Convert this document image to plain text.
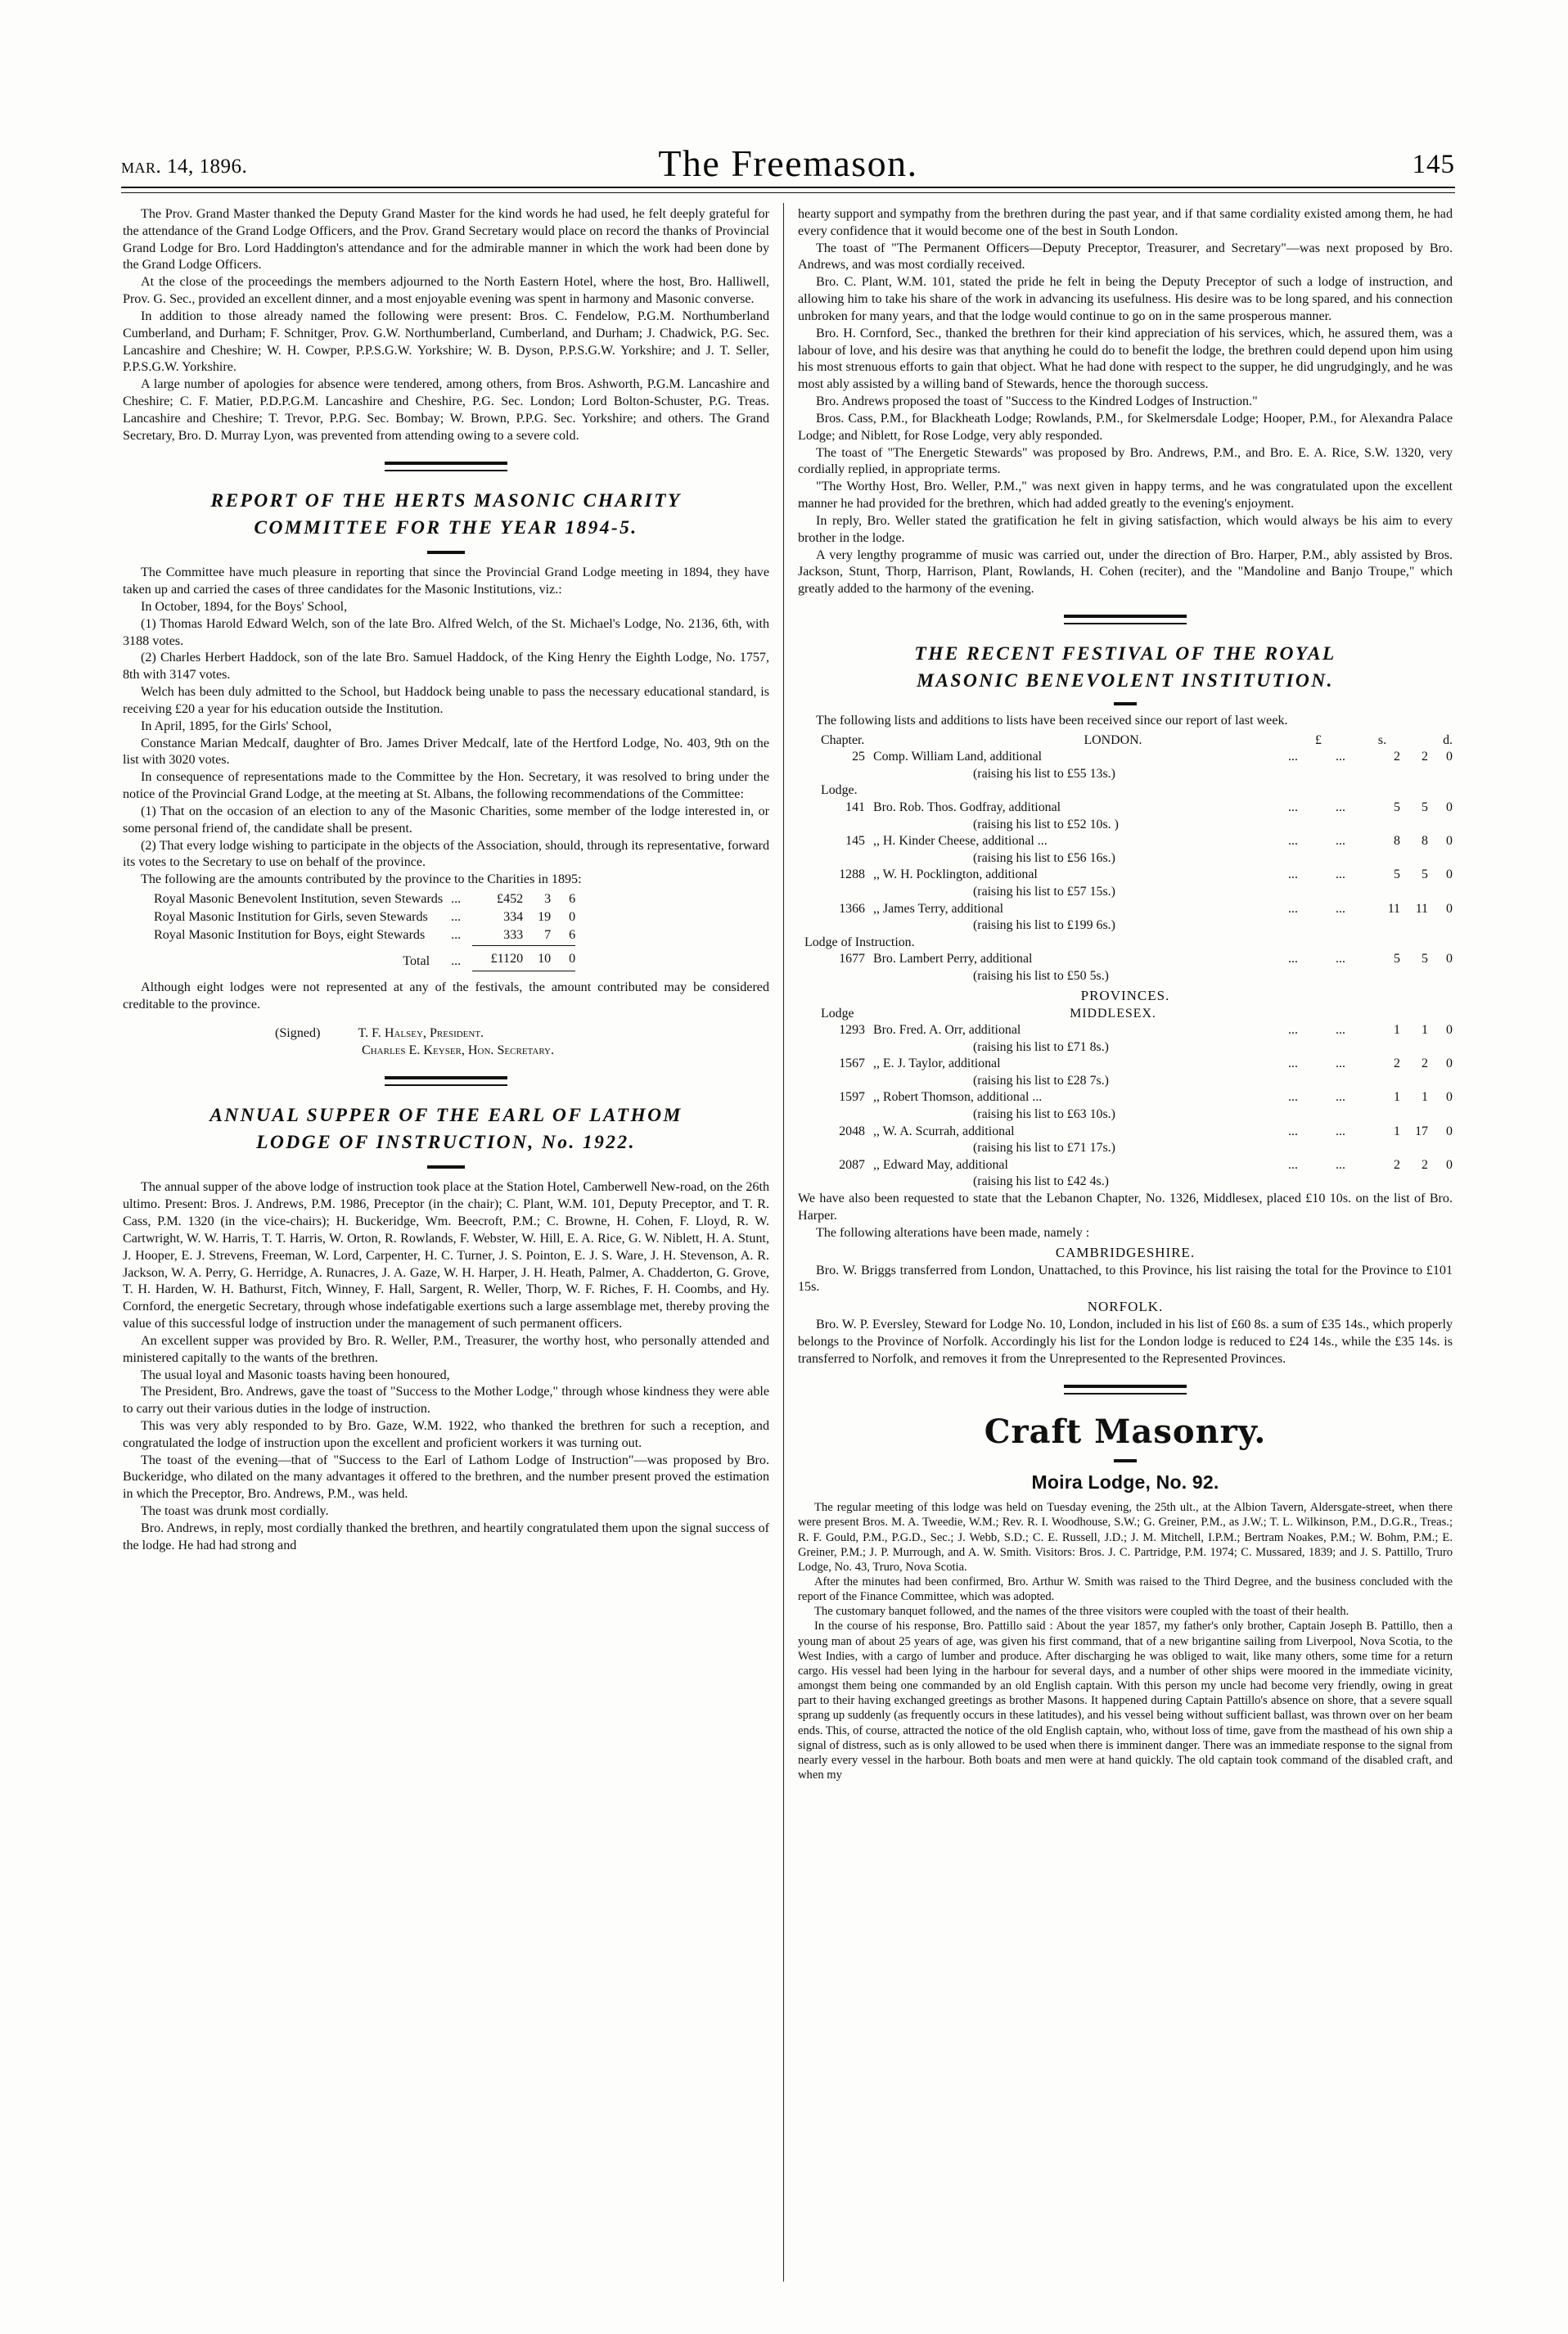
mar. 14, 1896.	The Freemason.	145

The Prov. Grand Master thanked the Deputy Grand Master for the kind words he had used, he felt deeply grateful for the attendance of the Grand Lodge Officers, and the Prov. Grand Secretary would place on record the thanks of Provincial Grand Lodge for Bro. Lord Haddington's attendance and for the admirable manner in which the work had been done by the Grand Lodge Officers.

At the close of the proceedings the members adjourned to the North Eastern Hotel, where the host, Bro. Halliwell, Prov. G. Sec., provided an excellent dinner, and a most enjoyable evening was spent in harmony and Masonic converse.

In addition to those already named the following were present: Bros. C. Fendelow, P.G.M. Northumberland Cumberland, and Durham; F. Schnitger, Prov. G.W. Northumberland, Cumberland, and Durham; J. Chadwick, P.G. Sec. Lancashire and Cheshire; W. H. Cowper, P.P.S.G.W. Yorkshire; W. B. Dyson, P.P.S.G.W. Yorkshire; and J. T. Seller, P.P.S.G.W. Yorkshire.

A large number of apologies for absence were tendered, among others, from Bros. Ashworth, P.G.M. Lancashire and Cheshire; C. F. Matier, P.D.P.G.M. Lancashire and Cheshire, P.G. Sec. London; Lord Bolton-Schuster, P.G. Treas. Lancashire and Cheshire; T. Trevor, P.P.G. Sec. Bombay; W. Brown, P.P.G. Sec. Yorkshire; and others. The Grand Secretary, Bro. D. Murray Lyon, was prevented from attending owing to a severe cold.

REPORT OF THE HERTS MASONIC CHARITY
COMMITTEE FOR THE YEAR 1894-5.

The Committee have much pleasure in reporting that since the Provincial Grand Lodge meeting in 1894, they have taken up and carried the cases of three candidates for the Masonic Institutions, viz.:

In October, 1894, for the Boys' School,

(1) Thomas Harold Edward Welch, son of the late Bro. Alfred Welch, of the St. Michael's Lodge, No. 2136, 6th, with 3188 votes.

(2) Charles Herbert Haddock, son of the late Bro. Samuel Haddock, of the King Henry the Eighth Lodge, No. 1757, 8th with 3147 votes.

Welch has been duly admitted to the School, but Haddock being unable to pass the necessary educational standard, is receiving £20 a year for his education outside the Institution.

In April, 1895, for the Girls' School,

Constance Marian Medcalf, daughter of Bro. James Driver Medcalf, late of the Hertford Lodge, No. 403, 9th on the list with 3020 votes.

In consequence of representations made to the Committee by the Hon. Secretary, it was resolved to bring under the notice of the Provincial Grand Lodge, at the meeting at St. Albans, the following recommendations of the Committee:

(1) That on the occasion of an election to any of the Masonic Charities, some member of the lodge interested in, or some personal friend of, the candidate shall be present.

(2) That every lodge wishing to participate in the objects of the Association, should, through its representative, forward its votes to the Secretary to use on behalf of the province.

The following are the amounts contributed by the province to the Charities in 1895:

Royal Masonic Benevolent Institution, seven Stewards	...	£452	3	6
Royal Masonic Institution for Girls, seven Stewards	...	334	19	0
Royal Masonic Institution for Boys, eight Stewards	...	333	7	6
Total	...	£1120	10	0

Although eight lodges were not represented at any of the festivals, the amount contributed may be considered creditable to the province.

(Signed)	T. F. Halsey, President.
Charles E. Keyser, Hon. Secretary.
ANNUAL SUPPER OF THE EARL OF LATHOM
LODGE OF INSTRUCTION, No. 1922.

The annual supper of the above lodge of instruction took place at the Station Hotel, Camberwell New-road, on the 26th ultimo. Present: Bros. J. Andrews, P.M. 1986, Preceptor (in the chair); C. Plant, W.M. 101, Deputy Preceptor, and T. R. Cass, P.M. 1320 (in the vice-chairs); H. Buckeridge, Wm. Beecroft, P.M.; C. Browne, H. Cohen, F. Lloyd, R. W. Cartwright, W. W. Harris, T. T. Harris, W. Orton, R. Rowlands, F. Webster, W. Hill, E. A. Rice, G. W. Niblett, H. A. Stunt, J. Hooper, E. J. Strevens, Freeman, W. Lord, Carpenter, H. C. Turner, J. S. Pointon, E. J. S. Ware, J. H. Stevenson, A. R. Jackson, W. A. Perry, G. Herridge, A. Runacres, J. A. Gaze, W. H. Harper, J. H. Heath, Palmer, A. Chadderton, G. Grove, T. H. Harden, W. H. Bathurst, Fitch, Winney, F. Hall, Sargent, R. Weller, Thorp, W. F. Riches, F. H. Coombs, and Hy. Cornford, the energetic Secretary, through whose indefatigable exertions such a large assemblage met, thereby proving the value of this successful lodge of instruction under the management of such permanent officers.

An excellent supper was provided by Bro. R. Weller, P.M., Treasurer, the worthy host, who personally attended and ministered capitally to the wants of the brethren.

The usual loyal and Masonic toasts having been honoured,

The President, Bro. Andrews, gave the toast of "Success to the Mother Lodge," through whose kindness they were able to carry out their various duties in the lodge of instruction.

This was very ably responded to by Bro. Gaze, W.M. 1922, who thanked the brethren for such a reception, and congratulated the lodge of instruction upon the excellent and proficient workers it was turning out.

The toast of the evening—that of "Success to the Earl of Lathom Lodge of Instruction"—was proposed by Bro. Buckeridge, who dilated on the many advantages it offered to the brethren, and the number present proved the estimation in which the Preceptor, Bro. Andrews, P.M., was held.

The toast was drunk most cordially.

Bro. Andrews, in reply, most cordially thanked the brethren, and heartily congratulated them upon the signal success of the lodge. He had had strong and

hearty support and sympathy from the brethren during the past year, and if that same cordiality existed among them, he had every confidence that it would become one of the best in South London.

The toast of "The Permanent Officers—Deputy Preceptor, Treasurer, and Secretary"—was next proposed by Bro. Andrews, and was most cordially received.

Bro. C. Plant, W.M. 101, stated the pride he felt in being the Deputy Preceptor of such a lodge of instruction, and allowing him to take his share of the work in advancing its usefulness. His desire was to be long spared, and his connection unbroken for many years, and that the lodge would continue to go on in the same prosperous manner.

Bro. H. Cornford, Sec., thanked the brethren for their kind appreciation of his services, which, he assured them, was a labour of love, and his desire was that anything he could do to benefit the lodge, the brethren could depend upon him using his most strenuous efforts to gain that object. What he had done with respect to the supper, he did ungrudgingly, and he was most ably assisted by a willing band of Stewards, hence the thorough success.

Bro. Andrews proposed the toast of "Success to the Kindred Lodges of Instruction."

Bros. Cass, P.M., for Blackheath Lodge; Rowlands, P.M., for Skelmersdale Lodge; Hooper, P.M., for Alexandra Palace Lodge; and Niblett, for Rose Lodge, very ably responded.

The toast of "The Energetic Stewards" was proposed by Bro. Andrews, P.M., and Bro. E. A. Rice, S.W. 1320, very cordially replied, in appropriate terms.

"The Worthy Host, Bro. Weller, P.M.," was next given in happy terms, and he was congratulated upon the excellent manner he had provided for the brethren, which had added greatly to the evening's enjoyment.

In reply, Bro. Weller stated the gratification he felt in giving satisfaction, which would always be his aim to every brother in the lodge.

A very lengthy programme of music was carried out, under the direction of Bro. Harper, P.M., ably assisted by Bros. Jackson, Stunt, Thorp, Harrison, Plant, Rowlands, H. Cohen (reciter), and the "Mandoline and Banjo Troupe," which greatly added to the harmony of the evening.

THE RECENT FESTIVAL OF THE ROYAL
MASONIC BENEVOLENT INSTITUTION.

The following lists and additions to lists have been received since our report of last week.

Chapter.	LONDON.	£	s.	d.
25 Comp. William Land, additional	...	...	2	2	0
(raising his list to £55 13s.)
Lodge.
141 Bro. Rob. Thos. Godfray, additional	...	...	5	5	0
(raising his list to £52 10s. )
145 ,, H. Kinder Cheese, additional ...	...	...	8	8	0
(raising his list to £56 16s.)
1288 ,, W. H. Pocklington, additional	...	...	5	5	0
(raising his list to £57 15s.)
1366 ,, James Terry, additional	...	...	11	11	0
(raising his list to £199 6s.)
Lodge of Instruction.
1677 Bro. Lambert Perry, additional	...	...	5	5	0
(raising his list to £50 5s.)
PROVINCES.
Lodge	MIDDLESEX.
1293 Bro. Fred. A. Orr, additional	...	...	1	1	0
(raising his list to £71 8s.)
1567 ,, E. J. Taylor, additional	...	...	2	2	0
(raising his list to £28 7s.)
1597 ,, Robert Thomson, additional ...	...	...	1	1	0
(raising his list to £63 10s.)
2048 ,, W. A. Scurrah, additional	...	...	1	17	0
(raising his list to £71 17s.)
2087 ,, Edward May, additional	...	...	2	2	0
(raising his list to £42 4s.)

We have also been requested to state that the Lebanon Chapter, No. 1326, Middlesex, placed £10 10s. on the list of Bro. Harper.

The following alterations have been made, namely :

CAMBRIDGESHIRE.

Bro. W. Briggs transferred from London, Unattached, to this Province, his list raising the total for the Province to £101 15s.

NORFOLK.

Bro. W. P. Eversley, Steward for Lodge No. 10, London, included in his list of £60 8s. a sum of £35 14s., which properly belongs to the Province of Norfolk. Accordingly his list for the London lodge is reduced to £24 14s., while the £35 14s. is transferred to Norfolk, and removes it from the Unrepresented to the Represented Provinces.

Craft Masonry.
Moira Lodge, No. 92.

The regular meeting of this lodge was held on Tuesday evening, the 25th ult., at the Albion Tavern, Aldersgate-street, when there were present Bros. M. A. Tweedie, W.M.; Rev. R. I. Woodhouse, S.W.; G. Greiner, P.M., as J.W.; T. L. Wilkinson, P.M., D.G.R., Treas.; R. F. Gould, P.M., P.G.D., Sec.; J. Webb, S.D.; C. E. Russell, J.D.; J. M. Mitchell, I.P.M.; Bertram Noakes, P.M.; W. Bohm, P.M.; E. Greiner, P.M.; J. P. Murrough, and A. W. Smith. Visitors: Bros. J. C. Partridge, P.M. 1974; C. Mussared, 1839; and J. S. Pattillo, Truro Lodge, No. 43, Truro, Nova Scotia.

After the minutes had been confirmed, Bro. Arthur W. Smith was raised to the Third Degree, and the business concluded with the report of the Finance Committee, which was adopted.

The customary banquet followed, and the names of the three visitors were coupled with the toast of their health.

In the course of his response, Bro. Pattillo said : About the year 1857, my father's only brother, Captain Joseph B. Pattillo, then a young man of about 25 years of age, was given his first command, that of a new brigantine sailing from Liverpool, Nova Scotia, to the West Indies, with a cargo of lumber and produce. After discharging he was obliged to wait, like many others, some time for a return cargo. His vessel had been lying in the harbour for several days, and a number of other ships were moored in the immediate vicinity, amongst them being one commanded by an old English captain. With this person my uncle had become very friendly, owing in great part to their having exchanged greetings as brother Masons. It happened during Captain Pattillo's absence on shore, that a severe squall sprang up suddenly (as frequently occurs in these latitudes), and his vessel being without sufficient ballast, was thrown over on her beam ends. This, of course, attracted the notice of the old English captain, who, without loss of time, gave from the masthead of his own ship a signal of distress, such as is only allowed to be used when there is imminent danger. There was an immediate response to the signal from nearly every vessel in the harbour. Both boats and men were at hand quickly. The old captain took command of the disabled craft, and when my
